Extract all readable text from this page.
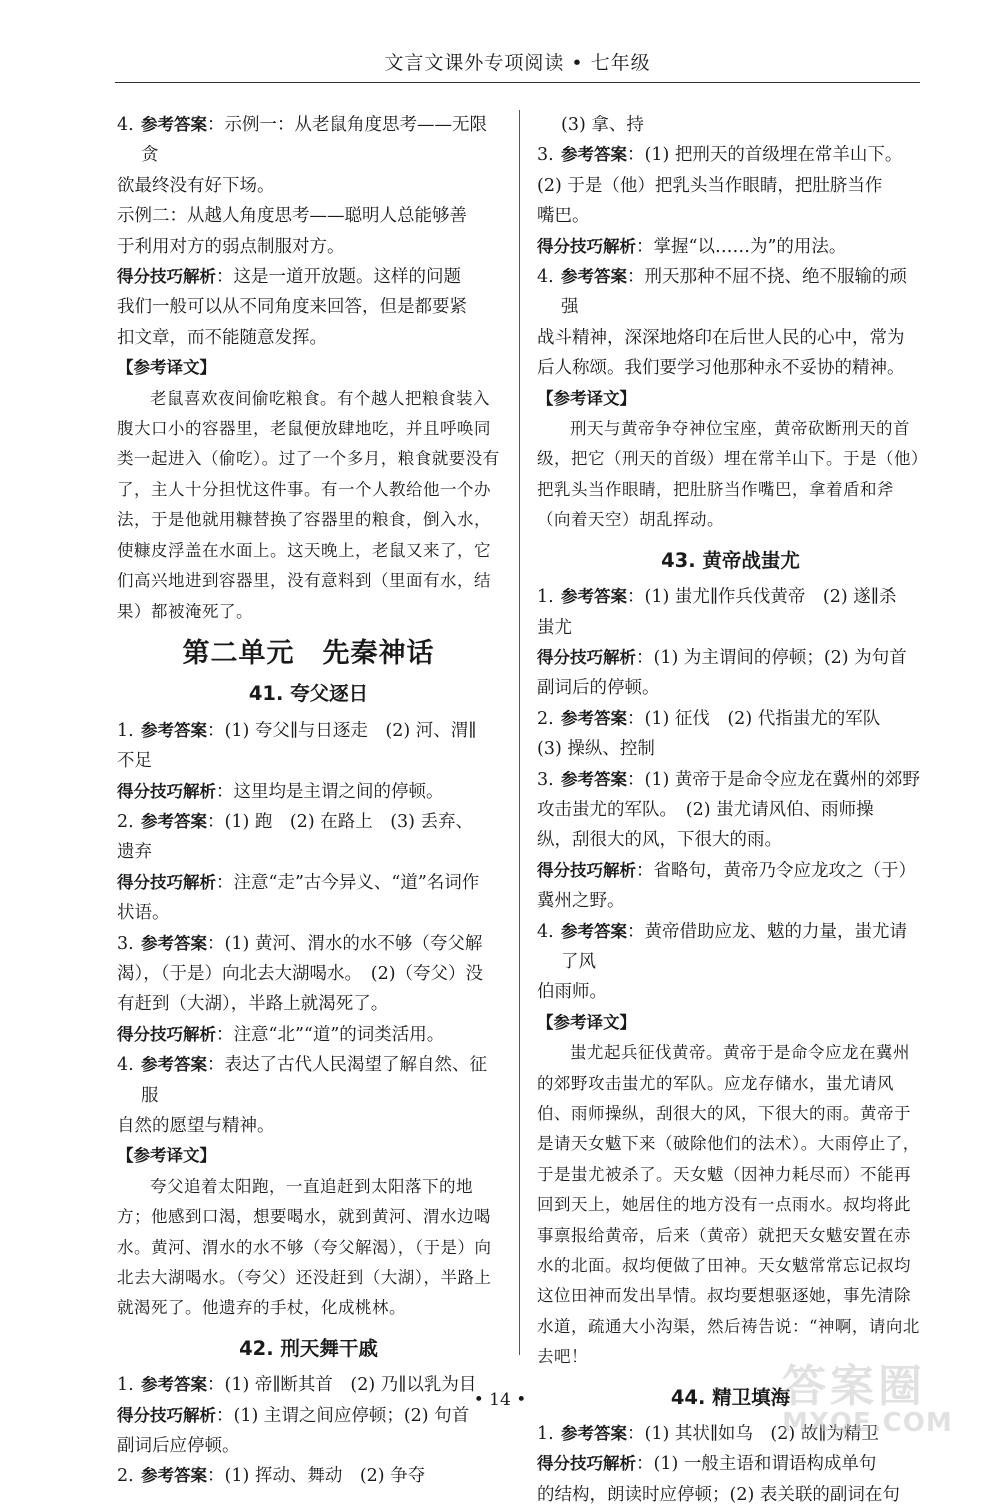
文言文课外专项阅读 • 七年级
4. 参考答案：示例一：从老鼠角度思考——无限贪
欲最终没有好下场。
示例二：从越人角度思考——聪明人总能够善
于利用对方的弱点制服对方。
得分技巧解析：这是一道开放题。这样的问题
我们一般可以从不同角度来回答，但是都要紧
扣文章，而不能随意发挥。
【参考译文】
老鼠喜欢夜间偷吃粮食。有个越人把粮食装入腹大口小的容器里，老鼠便放肆地吃，并且呼唤同类一起进入（偷吃）。过了一个多月，粮食就要没有了，主人十分担忧这件事。有一个人教给他一个办法，于是他就用糠替换了容器里的粮食，倒入水，使糠皮浮盖在水面上。这天晚上，老鼠又来了，它们高兴地进到容器里，没有意料到（里面有水，结果）都被淹死了。
第二单元　先秦神话
41. 夸父逐日
1. 参考答案：(1) 夸父∥与日逐走　(2) 河、渭∥
不足
得分技巧解析：这里均是主谓之间的停顿。
2. 参考答案：(1) 跑　(2) 在路上　(3) 丢弃、
遗弃
得分技巧解析：注意“走”古今异义、“道”名词作
状语。
3. 参考答案：(1) 黄河、渭水的水不够（夸父解
渴），（于是）向北去大湖喝水。　(2)（夸父）没
有赶到（大湖），半路上就渴死了。
得分技巧解析：注意“北”“道”的词类活用。
4. 参考答案：表达了古代人民渴望了解自然、征服
自然的愿望与精神。
【参考译文】
夸父追着太阳跑，一直追赶到太阳落下的地方；他感到口渴，想要喝水，就到黄河、渭水边喝水。黄河、渭水的水不够（夸父解渴），（于是）向北去大湖喝水。（夸父）还没赶到（大湖），半路上就渴死了。他遗弃的手杖，化成桃林。
42. 刑天舞干戚
1. 参考答案：(1) 帝∥断其首　(2) 乃∥以乳为目
得分技巧解析：(1) 主谓之间应停顿；(2) 句首
副词后应停顿。
2. 参考答案：(1) 挥动、舞动　(2) 争夺
(3) 拿、持
3. 参考答案：(1) 把刑天的首级埋在常羊山下。
(2) 于是（他）把乳头当作眼睛，把肚脐当作
嘴巴。
得分技巧解析：掌握“以……为”的用法。
4. 参考答案：刑天那种不屈不挠、绝不服输的顽强
战斗精神，深深地烙印在后世人民的心中，常为
后人称颂。我们要学习他那种永不妥协的精神。
【参考译文】
刑天与黄帝争夺神位宝座，黄帝砍断刑天的首级，把它（刑天的首级）埋在常羊山下。于是（他）把乳头当作眼睛，把肚脐当作嘴巴，拿着盾和斧（向着天空）胡乱挥动。
43. 黄帝战蚩尤
1. 参考答案：(1) 蚩尤∥作兵伐黄帝　(2) 遂∥杀
蚩尤
得分技巧解析：(1) 为主谓间的停顿；(2) 为句首
副词后的停顿。
2. 参考答案：(1) 征伐　(2) 代指蚩尤的军队
(3) 操纵、控制
3. 参考答案：(1) 黄帝于是命令应龙在冀州的郊野
攻击蚩尤的军队。　(2) 蚩尤请风伯、雨师操
纵，刮很大的风，下很大的雨。
得分技巧解析：省略句，黄帝乃令应龙攻之（于）
冀州之野。
4. 参考答案：黄帝借助应龙、魃的力量，蚩尤请了风
伯雨师。
【参考译文】
蚩尤起兵征伐黄帝。黄帝于是命令应龙在冀州的郊野攻击蚩尤的军队。应龙存储水，蚩尤请风伯、雨师操纵，刮很大的风，下很大的雨。黄帝于是请天女魃下来（破除他们的法术）。大雨停止了，于是蚩尤被杀了。天女魃（因神力耗尽而）不能再回到天上，她居住的地方没有一点雨水。叔均将此事禀报给黄帝，后来（黄帝）就把天女魃安置在赤水的北面。叔均便做了田神。天女魃常常忘记叔均这位田神而发出旱情。叔均要想驱逐她，事先清除水道，疏通大小沟渠，然后祷告说：“神啊，请向北去吧！
44. 精卫填海
1. 参考答案：(1) 其状∥如乌　(2) 故∥为精卫
得分技巧解析：(1) 一般主语和谓语构成单句
的结构，朗读时应停顿；(2) 表关联的副词在句
• 14 •	答案圈
MXQE.COM
